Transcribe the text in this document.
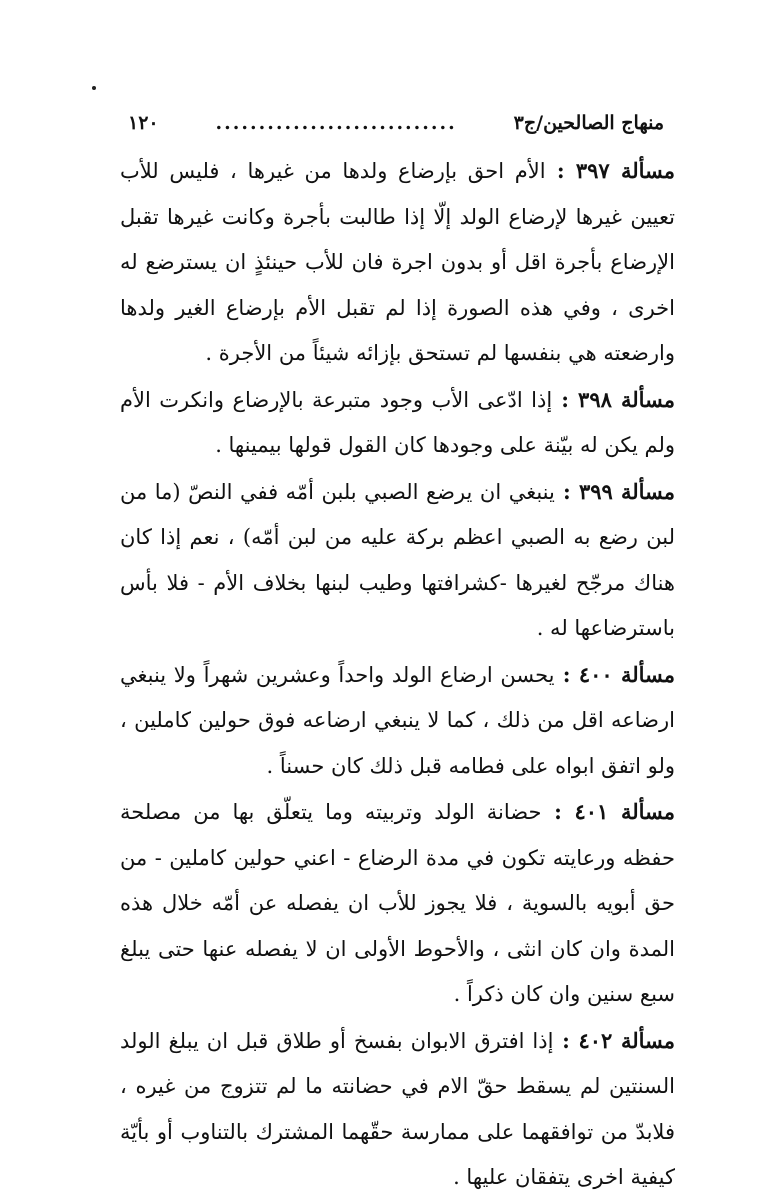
منهاج الصالحين/ج٣
............................
١٢٠

مسألة ٣٩٧ : الأم احق بإرضاع ولدها من غيرها ، فليس للأب تعيين غيرها لإرضاع الولد إلّا إذا طالبت بأجرة وكانت غيرها تقبل الإرضاع بأجرة اقل أو بدون اجرة فان للأب حينئذٍ ان يسترضع له اخرى ، وفي هذه الصورة إذا لم تقبل الأم بإرضاع الغير ولدها وارضعته هي بنفسها لم تستحق بإزائه شيئاً من الأجرة .

مسألة ٣٩٨ : إذا ادّعى الأب وجود متبرعة بالإرضاع وانكرت الأم ولم يكن له بيّنة على وجودها كان القول قولها بيمينها .

مسألة ٣٩٩ : ينبغي ان يرضع الصبي بلبن أمّه ففي النصّ (ما من لبن رضع به الصبي اعظم بركة عليه من لبن أمّه) ، نعم إذا كان هناك مرجّح لغيرها -كشرافتها وطيب لبنها بخلاف الأم - فلا بأس باسترضاعها له .

مسألة ٤٠٠ : يحسن ارضاع الولد واحداً وعشرين شهراً ولا ينبغي ارضاعه اقل من ذلك ، كما لا ينبغي ارضاعه فوق حولين كاملين ، ولو اتفق ابواه على فطامه قبل ذلك كان حسناً .

مسألة ٤٠١ : حضانة الولد وتربيته وما يتعلّق بها من مصلحة حفظه ورعايته تكون في مدة الرضاع - اعني حولين كاملين - من حق أبويه بالسوية ، فلا يجوز للأب ان يفصله عن أمّه خلال هذه المدة وان كان انثى ، والأحوط الأولى ان لا يفصله عنها حتى يبلغ سبع سنين وان كان ذكراً .

مسألة ٤٠٢ : إذا افترق الابوان بفسخ أو طلاق قبل ان يبلغ الولد السنتين لم يسقط حقّ الام في حضانته ما لم تتزوج من غيره ، فلابدّ من توافقهما على ممارسة حقّهما المشترك بالتناوب أو بأيّة كيفية اخرى يتفقان عليها .
